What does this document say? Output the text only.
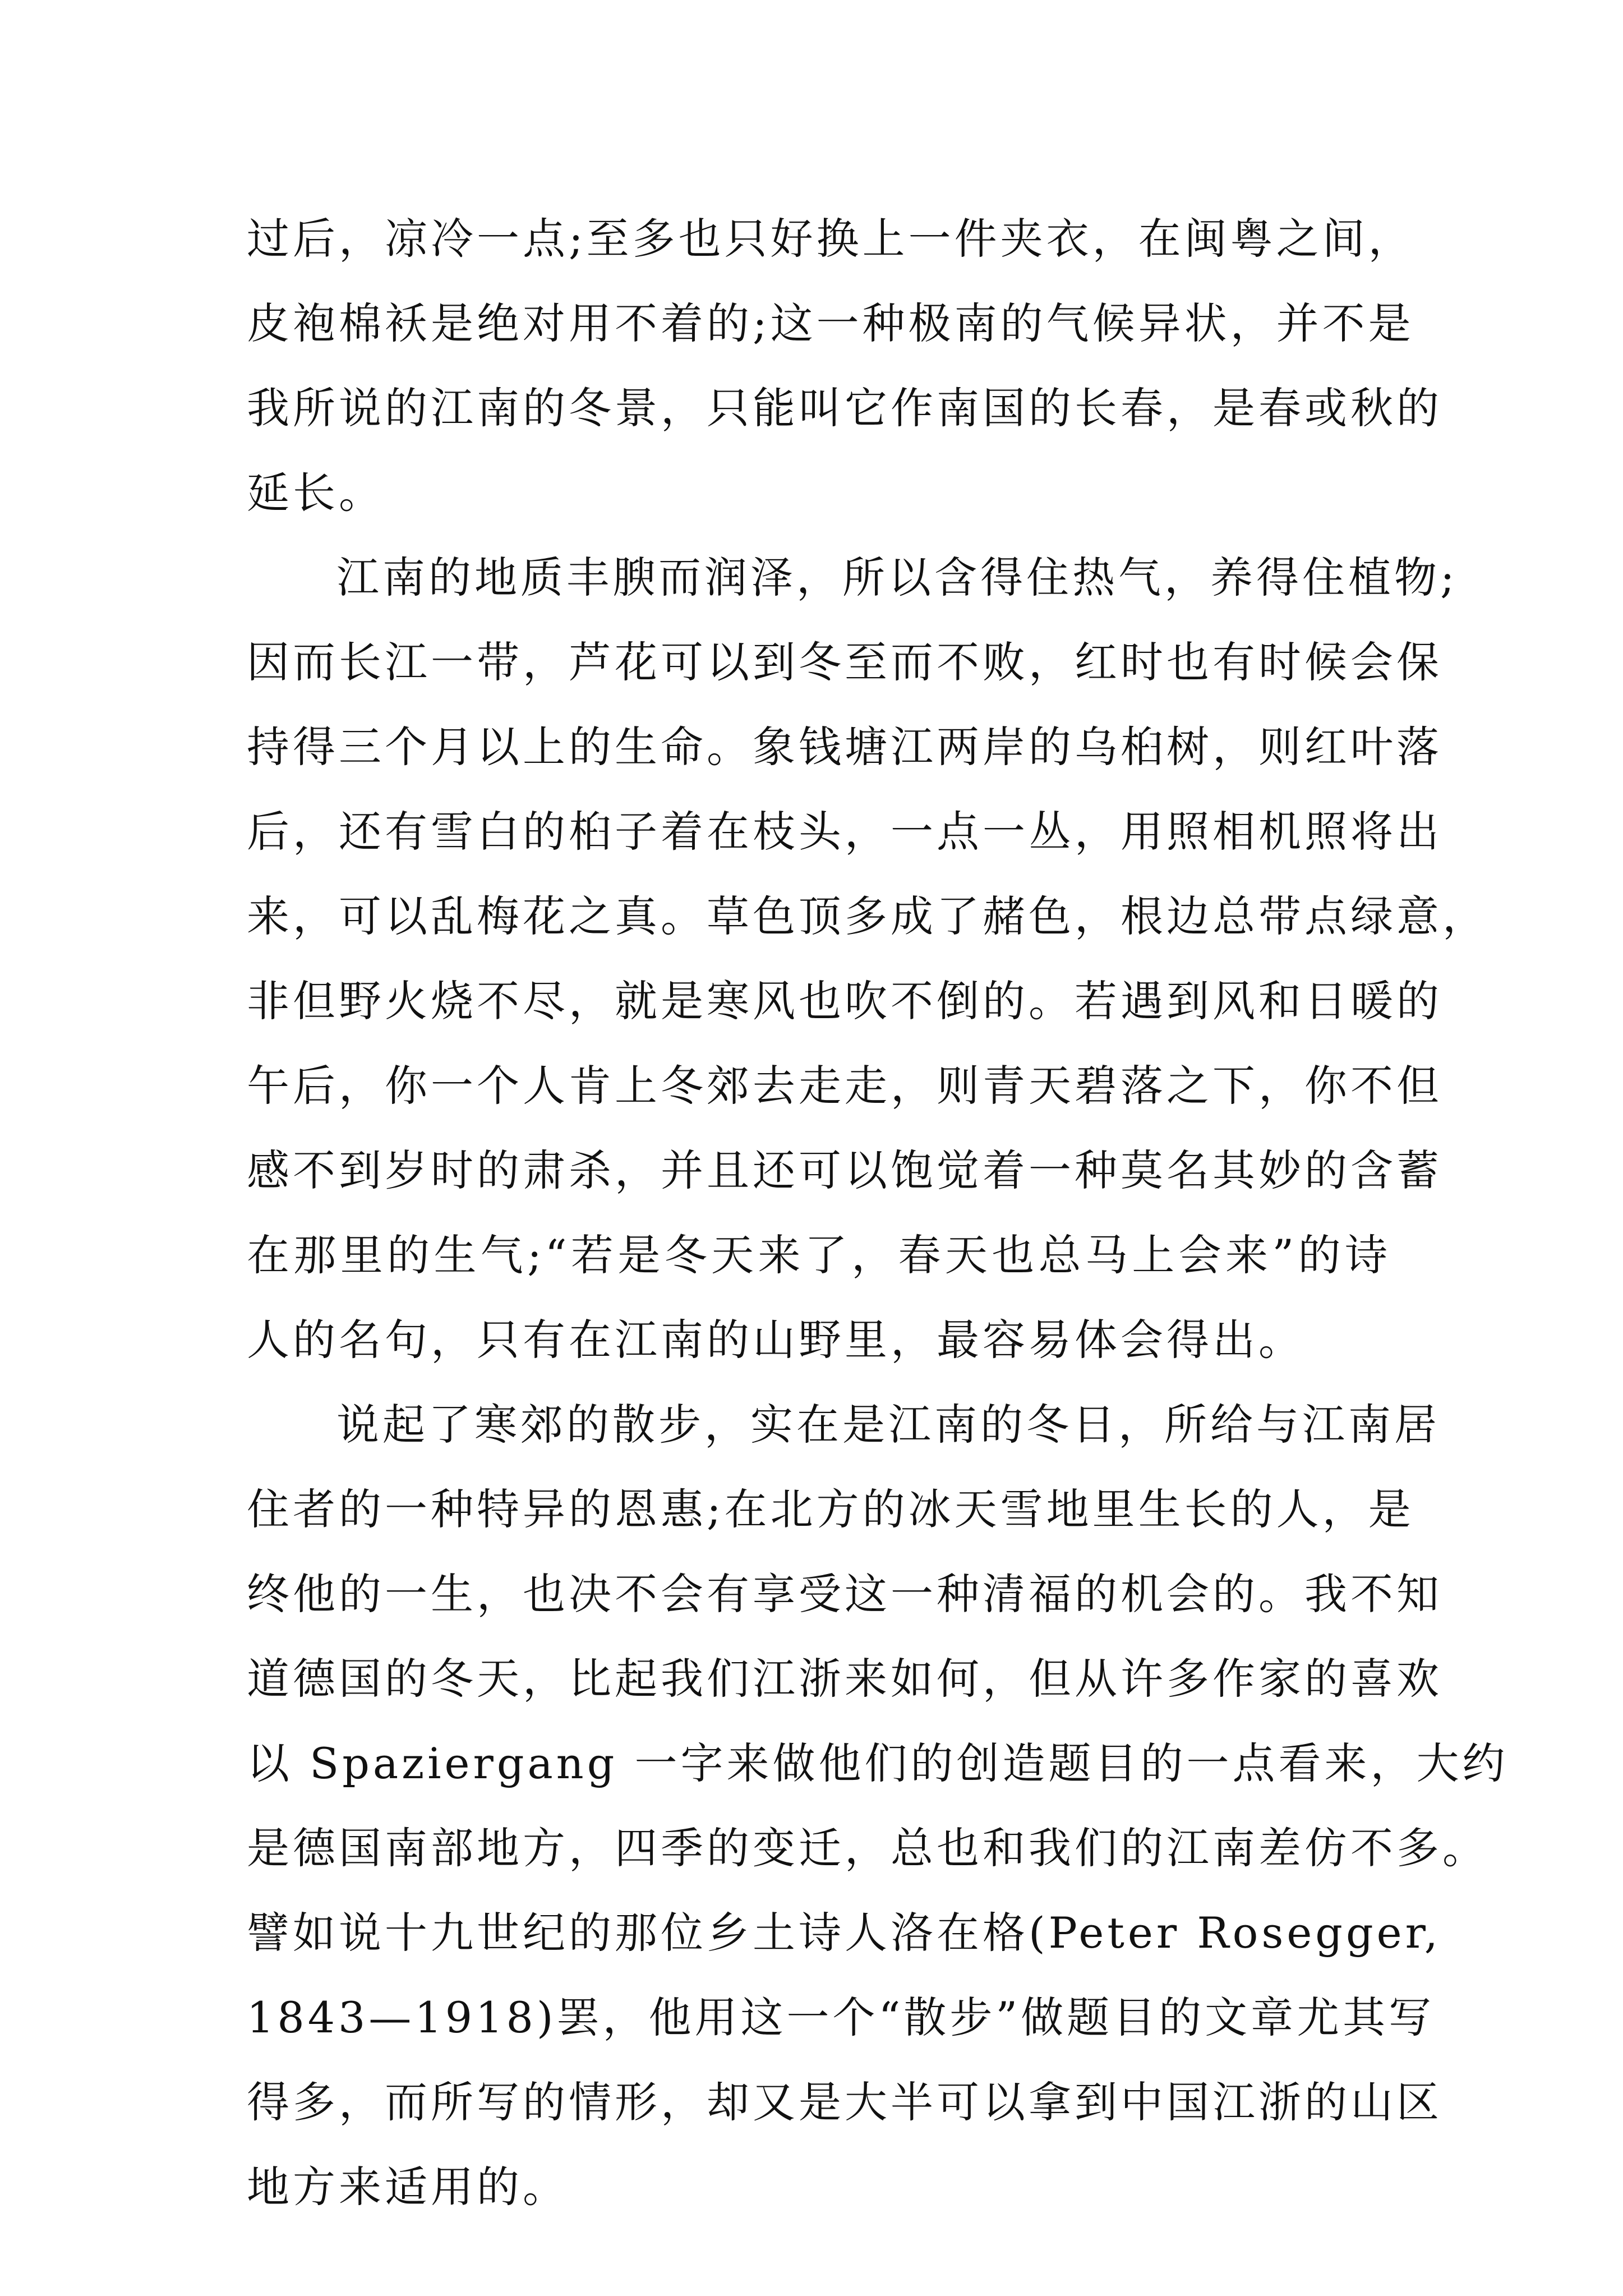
过后，凉冷一点;至多也只好换上一件夹衣，在闽粤之间，
皮袍棉袄是绝对用不着的;这一种极南的气候异状，并不是
我所说的江南的冬景，只能叫它作南国的长春，是春或秋的
延长。
江南的地质丰腴而润泽，所以含得住热气，养得住植物;
因而长江一带，芦花可以到冬至而不败，红时也有时候会保
持得三个月以上的生命。象钱塘江两岸的乌桕树，则红叶落
后，还有雪白的桕子着在枝头，一点一丛，用照相机照将出
来，可以乱梅花之真。草色顶多成了赭色，根边总带点绿意，
非但野火烧不尽，就是寒风也吹不倒的。若遇到风和日暖的
午后，你一个人肯上冬郊去走走，则青天碧落之下，你不但
感不到岁时的肃杀，并且还可以饱觉着一种莫名其妙的含蓄
在那里的生气;“若是冬天来了，春天也总马上会来”的诗
人的名句，只有在江南的山野里，最容易体会得出。
说起了寒郊的散步，实在是江南的冬日，所给与江南居
住者的一种特异的恩惠;在北方的冰天雪地里生长的人，是
终他的一生，也决不会有享受这一种清福的机会的。我不知
道德国的冬天，比起我们江浙来如何，但从许多作家的喜欢
以 Spaziergang 一字来做他们的创造题目的一点看来，大约
是德国南部地方，四季的变迁，总也和我们的江南差仿不多。
譬如说十九世纪的那位乡土诗人洛在格(Peter Rosegger,
1843—1918)罢，他用这一个“散步”做题目的文章尤其写
得多，而所写的情形，却又是大半可以拿到中国江浙的山区
地方来适用的。
